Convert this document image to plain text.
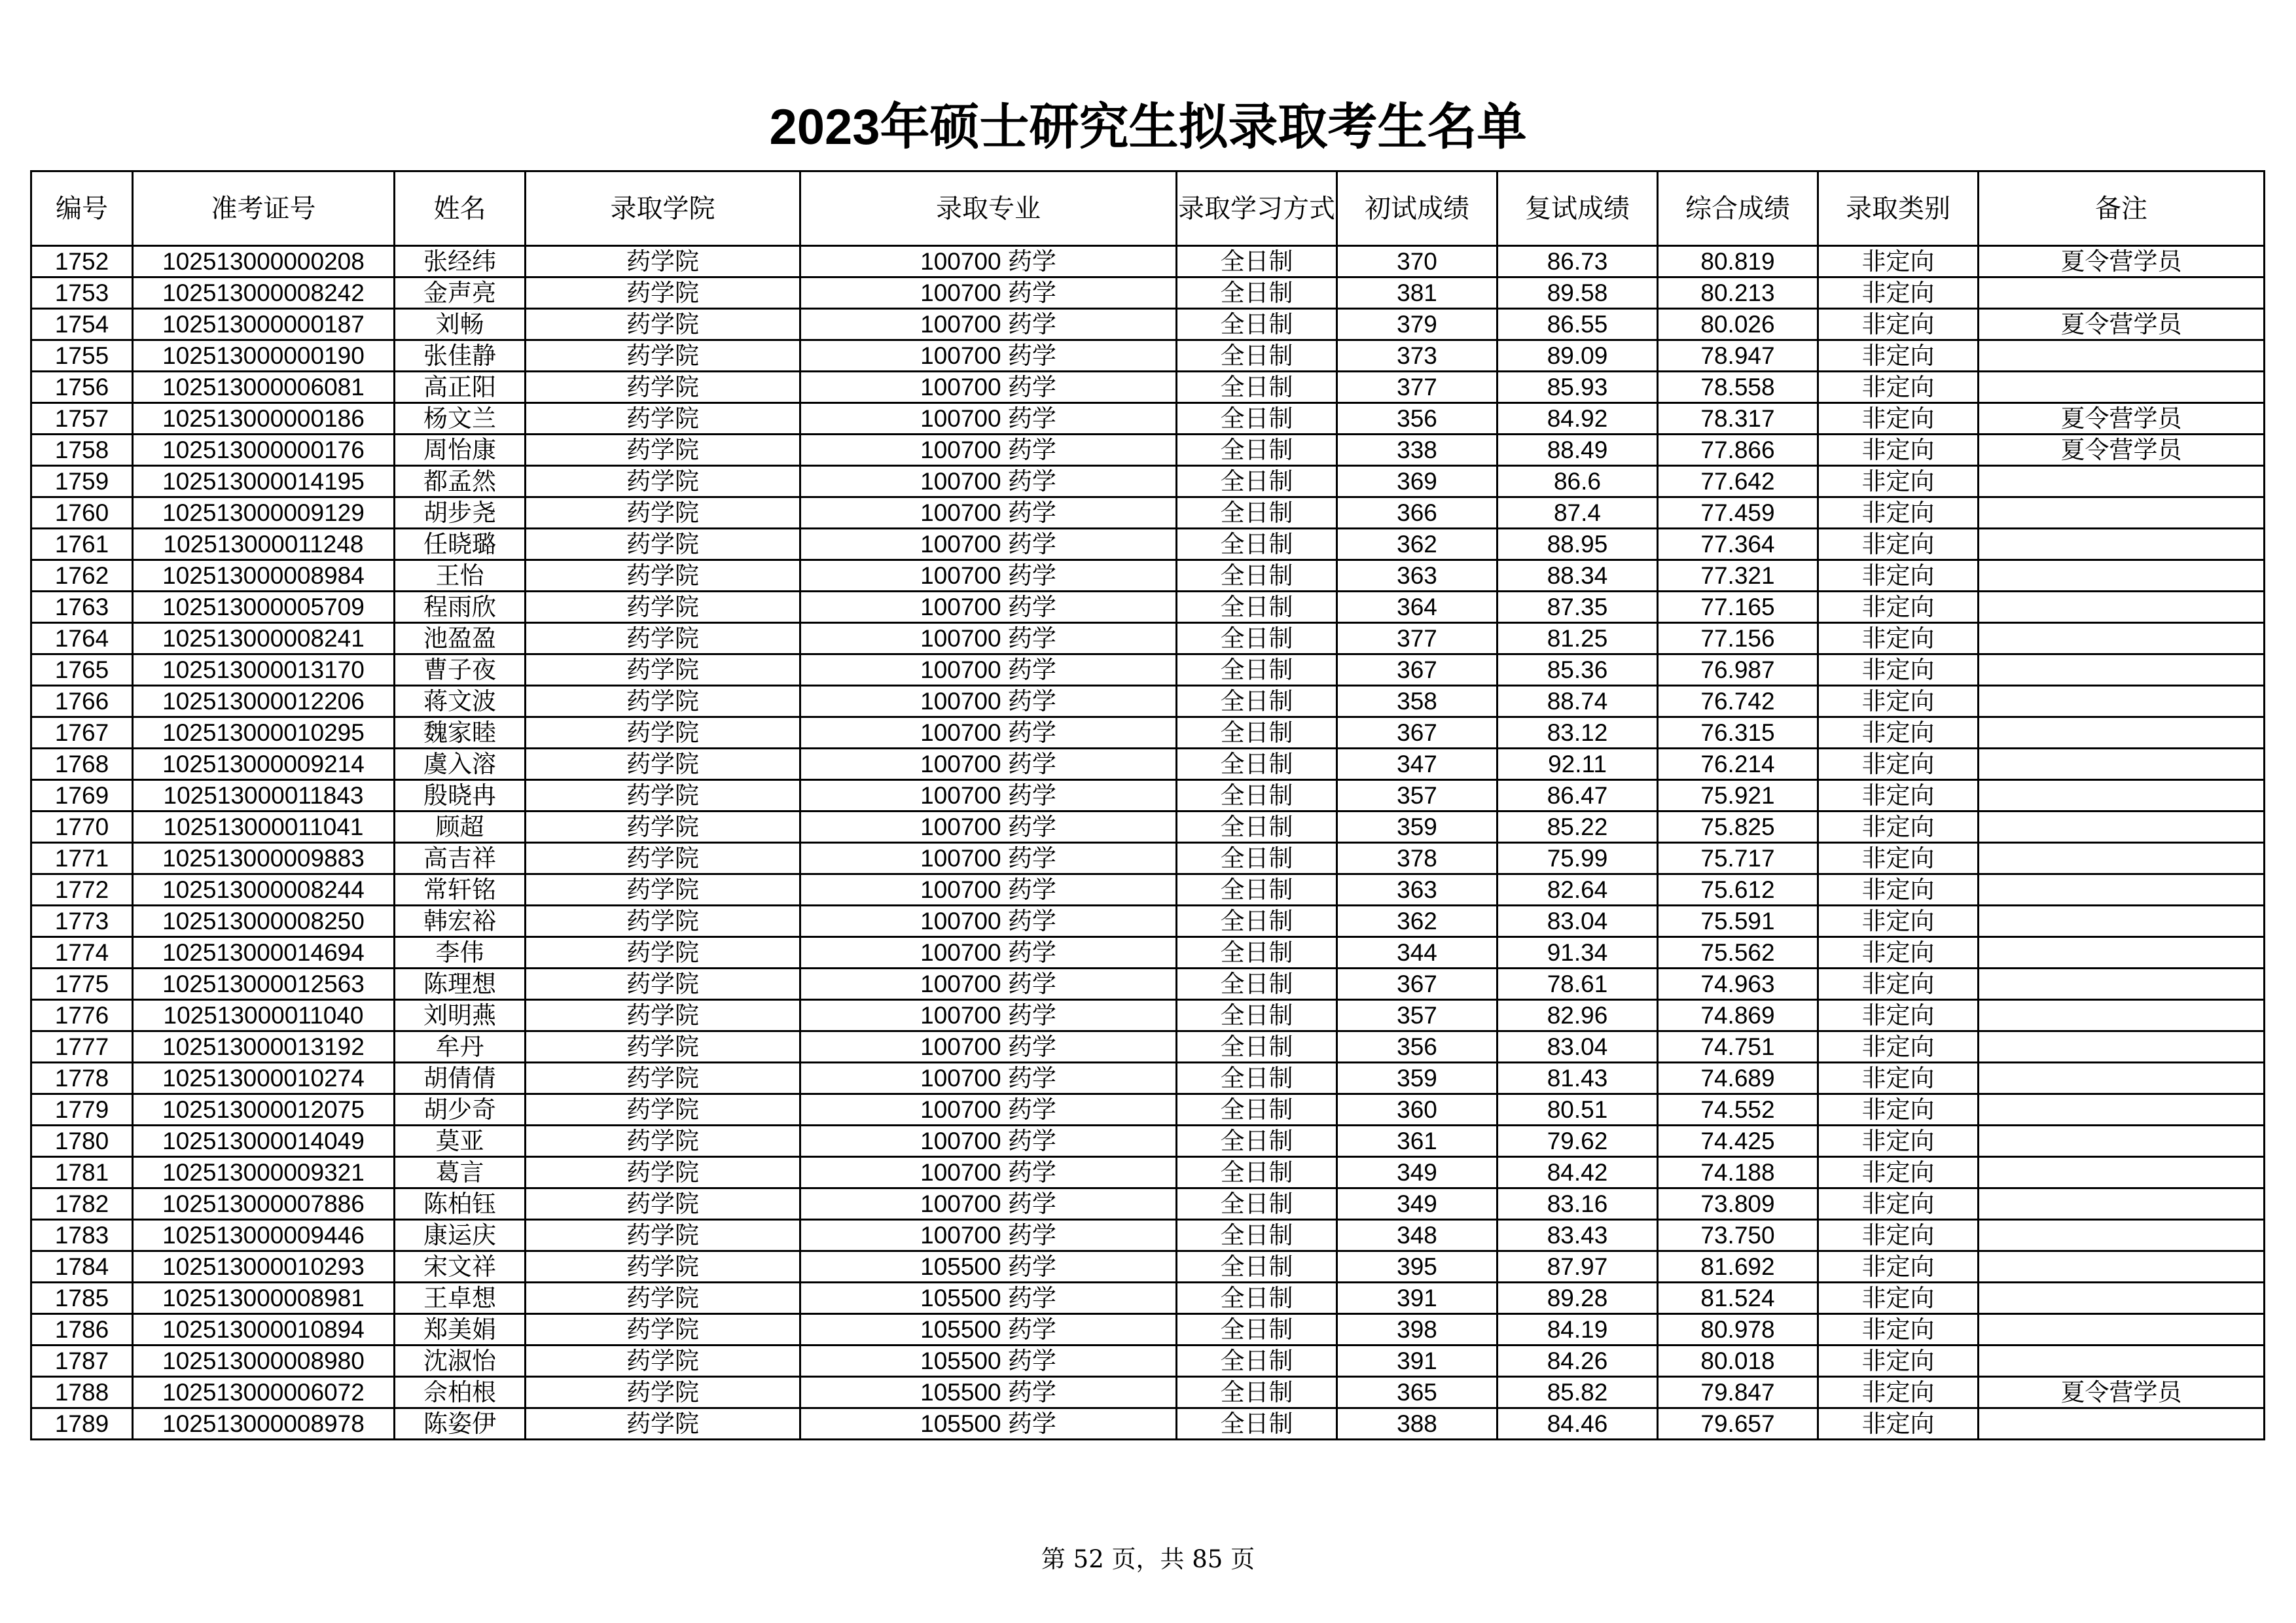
2023年硕士研究生拟录取考生名单
编号	准考证号	姓名	录取学院	录取专业	录取学习方式	初试成绩	复试成绩	综合成绩	录取类别	备注
1752	102513000000208	张经纬	药学院	100700 药学	全日制	370	86.73	80.819	非定向	夏令营学员
1753	102513000008242	金声亮	药学院	100700 药学	全日制	381	89.58	80.213	非定向	
1754	102513000000187	刘畅	药学院	100700 药学	全日制	379	86.55	80.026	非定向	夏令营学员
1755	102513000000190	张佳静	药学院	100700 药学	全日制	373	89.09	78.947	非定向	
1756	102513000006081	高正阳	药学院	100700 药学	全日制	377	85.93	78.558	非定向	
1757	102513000000186	杨文兰	药学院	100700 药学	全日制	356	84.92	78.317	非定向	夏令营学员
1758	102513000000176	周怡康	药学院	100700 药学	全日制	338	88.49	77.866	非定向	夏令营学员
1759	102513000014195	都孟然	药学院	100700 药学	全日制	369	86.6	77.642	非定向	
1760	102513000009129	胡步尧	药学院	100700 药学	全日制	366	87.4	77.459	非定向	
1761	102513000011248	任晓璐	药学院	100700 药学	全日制	362	88.95	77.364	非定向	
1762	102513000008984	王怡	药学院	100700 药学	全日制	363	88.34	77.321	非定向	
1763	102513000005709	程雨欣	药学院	100700 药学	全日制	364	87.35	77.165	非定向	
1764	102513000008241	池盈盈	药学院	100700 药学	全日制	377	81.25	77.156	非定向	
1765	102513000013170	曹子夜	药学院	100700 药学	全日制	367	85.36	76.987	非定向	
1766	102513000012206	蒋文波	药学院	100700 药学	全日制	358	88.74	76.742	非定向	
1767	102513000010295	魏家睦	药学院	100700 药学	全日制	367	83.12	76.315	非定向	
1768	102513000009214	虞入溶	药学院	100700 药学	全日制	347	92.11	76.214	非定向	
1769	102513000011843	殷晓冉	药学院	100700 药学	全日制	357	86.47	75.921	非定向	
1770	102513000011041	顾超	药学院	100700 药学	全日制	359	85.22	75.825	非定向	
1771	102513000009883	高吉祥	药学院	100700 药学	全日制	378	75.99	75.717	非定向	
1772	102513000008244	常轩铭	药学院	100700 药学	全日制	363	82.64	75.612	非定向	
1773	102513000008250	韩宏裕	药学院	100700 药学	全日制	362	83.04	75.591	非定向	
1774	102513000014694	李伟	药学院	100700 药学	全日制	344	91.34	75.562	非定向	
1775	102513000012563	陈理想	药学院	100700 药学	全日制	367	78.61	74.963	非定向	
1776	102513000011040	刘明燕	药学院	100700 药学	全日制	357	82.96	74.869	非定向	
1777	102513000013192	牟丹	药学院	100700 药学	全日制	356	83.04	74.751	非定向	
1778	102513000010274	胡倩倩	药学院	100700 药学	全日制	359	81.43	74.689	非定向	
1779	102513000012075	胡少奇	药学院	100700 药学	全日制	360	80.51	74.552	非定向	
1780	102513000014049	莫亚	药学院	100700 药学	全日制	361	79.62	74.425	非定向	
1781	102513000009321	葛言	药学院	100700 药学	全日制	349	84.42	74.188	非定向	
1782	102513000007886	陈柏钰	药学院	100700 药学	全日制	349	83.16	73.809	非定向	
1783	102513000009446	康运庆	药学院	100700 药学	全日制	348	83.43	73.750	非定向	
1784	102513000010293	宋文祥	药学院	105500 药学	全日制	395	87.97	81.692	非定向	
1785	102513000008981	王卓想	药学院	105500 药学	全日制	391	89.28	81.524	非定向	
1786	102513000010894	郑美娟	药学院	105500 药学	全日制	398	84.19	80.978	非定向	
1787	102513000008980	沈淑怡	药学院	105500 药学	全日制	391	84.26	80.018	非定向	
1788	102513000006072	佘柏根	药学院	105500 药学	全日制	365	85.82	79.847	非定向	夏令营学员
1789	102513000008978	陈姿伊	药学院	105500 药学	全日制	388	84.46	79.657	非定向	
第 52 页，共 85 页
